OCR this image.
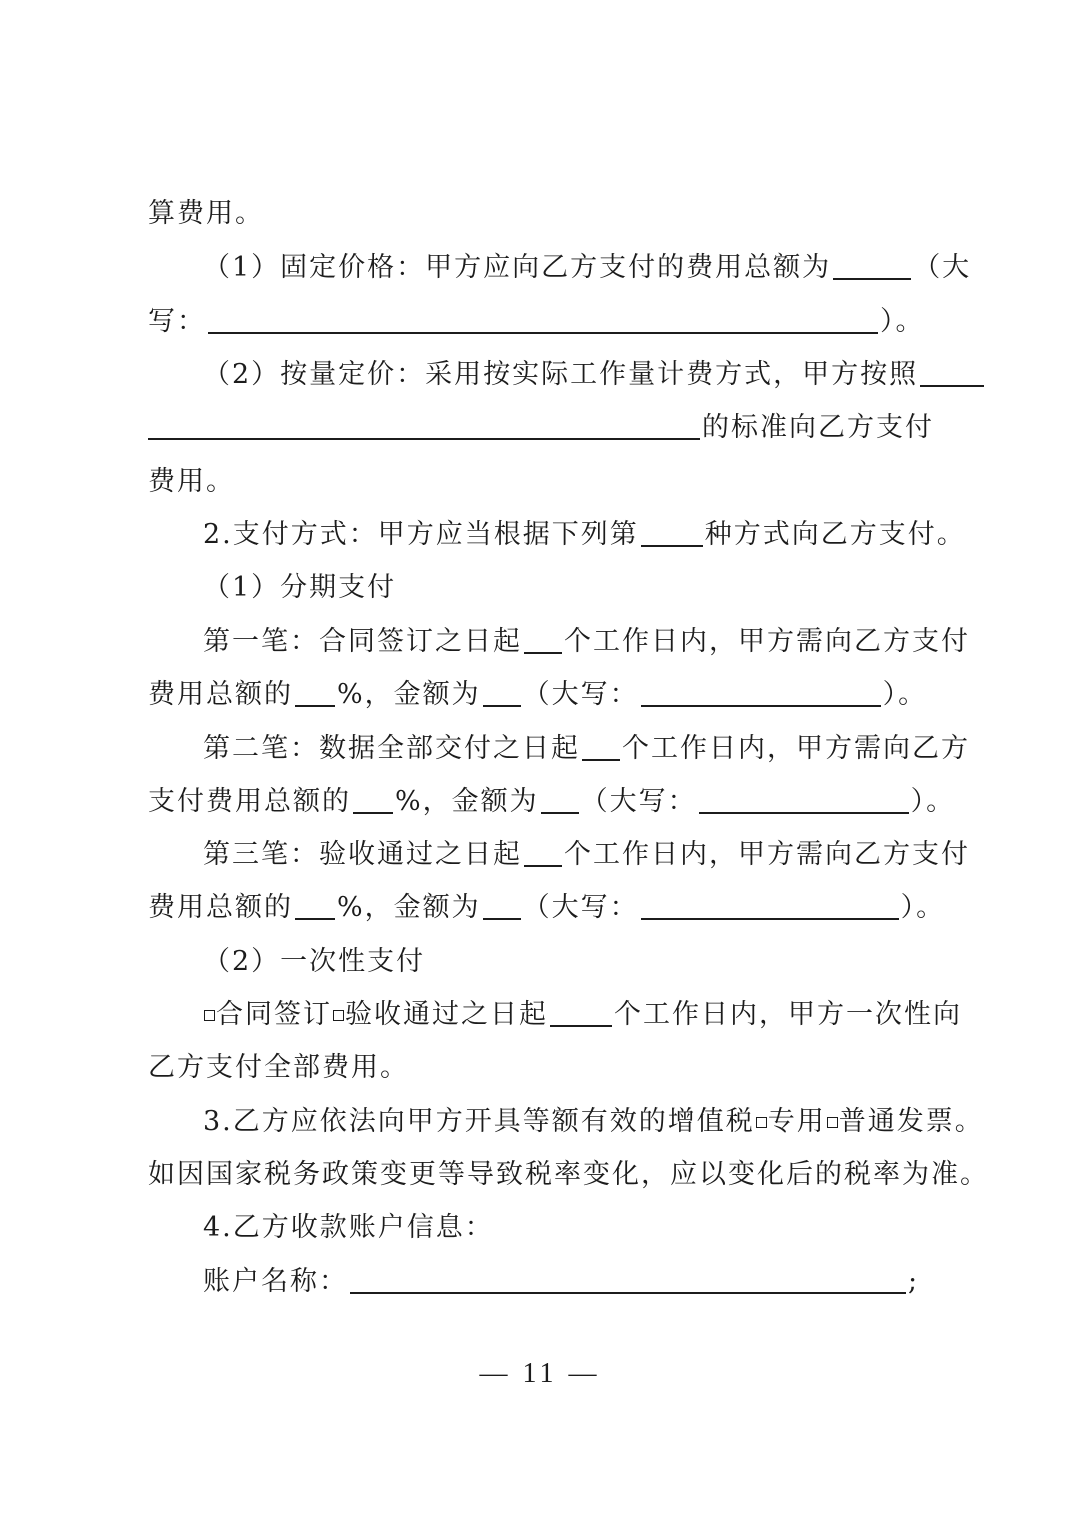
算费用。
（1）固定价格：甲方应向乙方支付的费用总额为	（大
写：	）。
（2）按量定价：采用按实际工作量计费方式，甲方按照
的标准向乙方支付
费用。
2.支付方式：甲方应当根据下列第 种方式向乙方支付。
（1）分期支付
第一笔：合同签订之日起 个工作日内，甲方需向乙方支付
费用总额的 %，金额为 （大写：	）。
第二笔：数据全部交付之日起 个工作日内，甲方需向乙方
支付费用总额的 %，金额为 （大写：	）。
第三笔：验收通过之日起 个工作日内，甲方需向乙方支付
费用总额的 %，金额为 （大写：	）。
（2）一次性支付
合同签订 验收通过之日起 个工作日内，甲方一次性向
乙方支付全部费用。
3.乙方应依法向甲方开具等额有效的增值税 专用 普通发票。
如因国家税务政策变更等导致税率变化，应以变化后的税率为准。
4.乙方收款账户信息：
账户名称：	;
— 11 —
